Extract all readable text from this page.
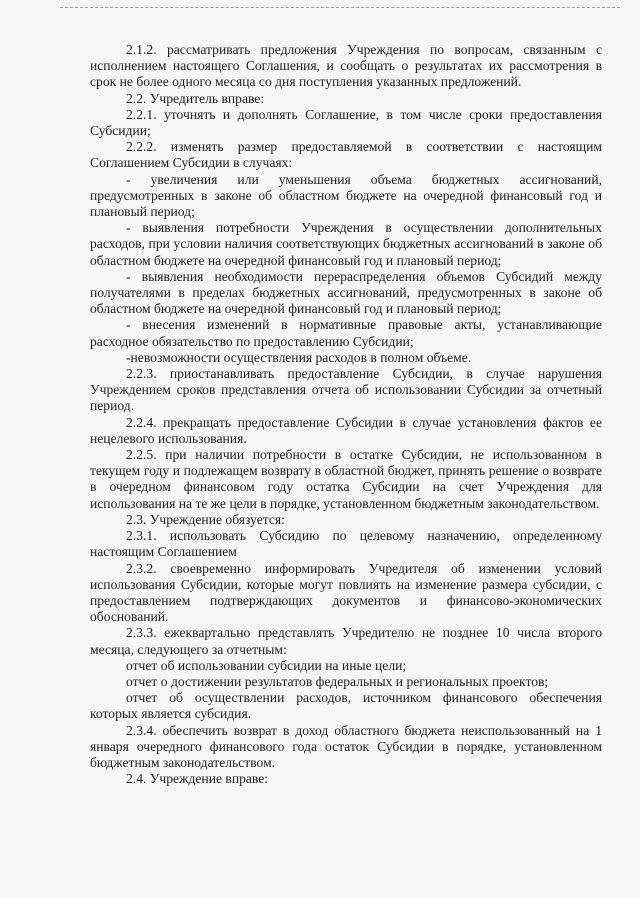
2.1.2. рассматривать предложения Учреждения по вопросам, связанным с исполнением настоящего Соглашения, и сообщать о результатах их рассмотрения в срок не более одного месяца со дня поступления указанных предложений.

2.2. Учредитель вправе:

2.2.1. уточнять и дополнять Соглашение, в том числе сроки предоставления Субсидии;

2.2.2. изменять размер предоставляемой в соответствии с настоящим Соглашением Субсидии в случаях:

- увеличения или уменьшения объема бюджетных ассигнований, предусмотренных в законе об областном бюджете на очередной финансовый год и плановый период;

- выявления потребности Учреждения в осуществлении дополнительных расходов, при условии наличия соответствующих бюджетных ассигнований в законе об областном бюджете на очередной финансовый год и плановый период;

- выявления необходимости перераспределения объемов Субсидий между получателями в пределах бюджетных ассигнований, предусмотренных в законе об областном бюджете на очередной финансовый год и плановый период;

- внесения изменений в нормативные правовые акты, устанавливающие расходное обязательство по предоставлению Субсидии;

-невозможности осуществления расходов в полном объеме.

2.2.3. приостанавливать предоставление Субсидии, в случае нарушения Учреждением сроков представления отчета об использовании Субсидии за отчетный период.

2.2.4. прекращать предоставление Субсидии в случае установления фактов ее нецелевого использования.

2.2.5. при наличии потребности в остатке Субсидии, не использованном в текущем году и подлежащем возврату в областной бюджет, принять решение о возврате в очередном финансовом году остатка Субсидии на счет Учреждения для использования на те же цели в порядке, установленном бюджетным законодательством.

2.3. Учреждение обязуется:

2.3.1. использовать Субсидию по целевому назначению, определенному настоящим Соглашением

2.3.2. своевременно информировать Учредителя об изменении условий использования Субсидии, которые могут повлиять на изменение размера субсидии, с предоставлением подтверждающих документов и финансово-экономических обоснований.

2.3.3. ежеквартально представлять Учредителю не позднее 10 числа второго месяца, следующего за отчетным:

отчет об использовании субсидии на иные цели;

отчет о достижении результатов федеральных и региональных проектов;

отчет об осуществлении расходов, источником финансового обеспечения которых является субсидия.

2.3.4. обеспечить возврат в доход областного бюджета неиспользованный на 1 января очередного финансового года остаток Субсидии в порядке, установленном бюджетным законодательством.

2.4. Учреждение вправе:
